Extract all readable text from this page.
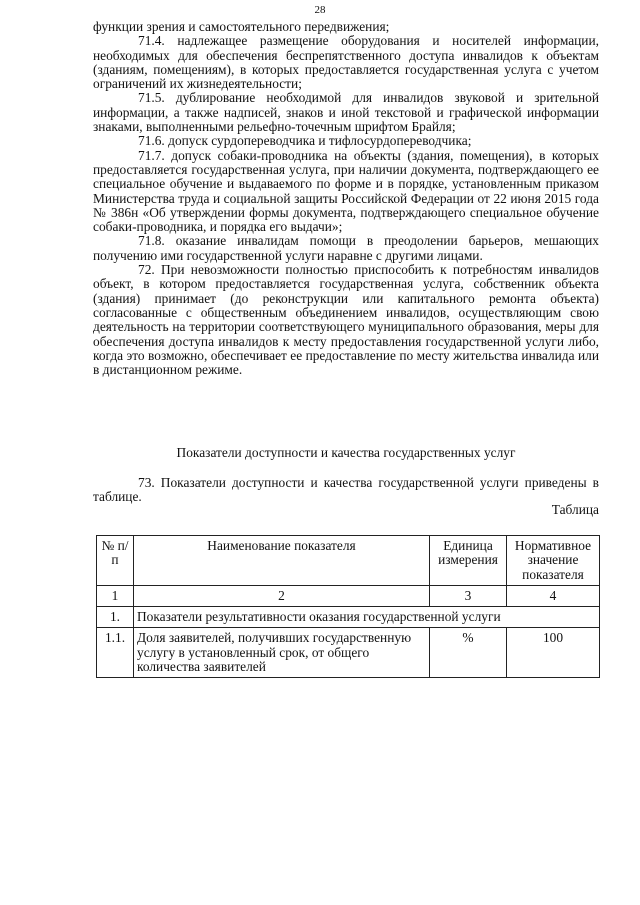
28

функции зрения и самостоятельного передвижения;

71.4. надлежащее размещение оборудования и носителей информации, необходимых для обеспечения беспрепятственного доступа инвалидов к объектам (зданиям, помещениям), в которых предоставляется государственная услуга с учетом ограничений их жизнедеятельности;

71.5. дублирование необходимой для инвалидов звуковой и зрительной информации, а также надписей, знаков и иной текстовой и графической информации знаками, выполненными рельефно-точечным шрифтом Брайля;

71.6. допуск сурдопереводчика и тифлосурдопереводчика;

71.7. допуск собаки-проводника на объекты (здания, помещения), в которых предоставляется государственная услуга, при наличии документа, подтверждающего ее специальное обучение и выдаваемого по форме и в порядке, установленным приказом Министерства труда и социальной защиты Российской Федерации от 22 июня 2015 года № 386н «Об утверждении формы документа, подтверждающего специальное обучение собаки-проводника, и порядка его выдачи»;

71.8. оказание инвалидам помощи в преодолении барьеров, мешающих получению ими государственной услуги наравне с другими лицами.

72. При невозможности полностью приспособить к потребностям инвалидов объект, в котором предоставляется государственная услуга, собственник объекта (здания) принимает (до реконструкции или капитального ремонта объекта) согласованные с общественным объединением инвалидов, осуществляющим свою деятельность на территории соответствующего муниципального образования, меры для обеспечения доступа инвалидов к месту предоставления государственной услуги либо, когда это возможно, обеспечивает ее предоставление по месту жительства инвалида или в дистанционном режиме.

Показатели доступности и качества государственных услуг
73. Показатели доступности и качества государственной услуги приведены в таблице.
Таблица
№ п/п	Наименование показателя	Единица измерения	Нормативное значение показателя
1	2	3	4
1.	Показатели результативности оказания государственной услуги		
1.1.	Доля заявителей, получивших государственную услугу в установленный срок, от общего количества заявителей	%	100
